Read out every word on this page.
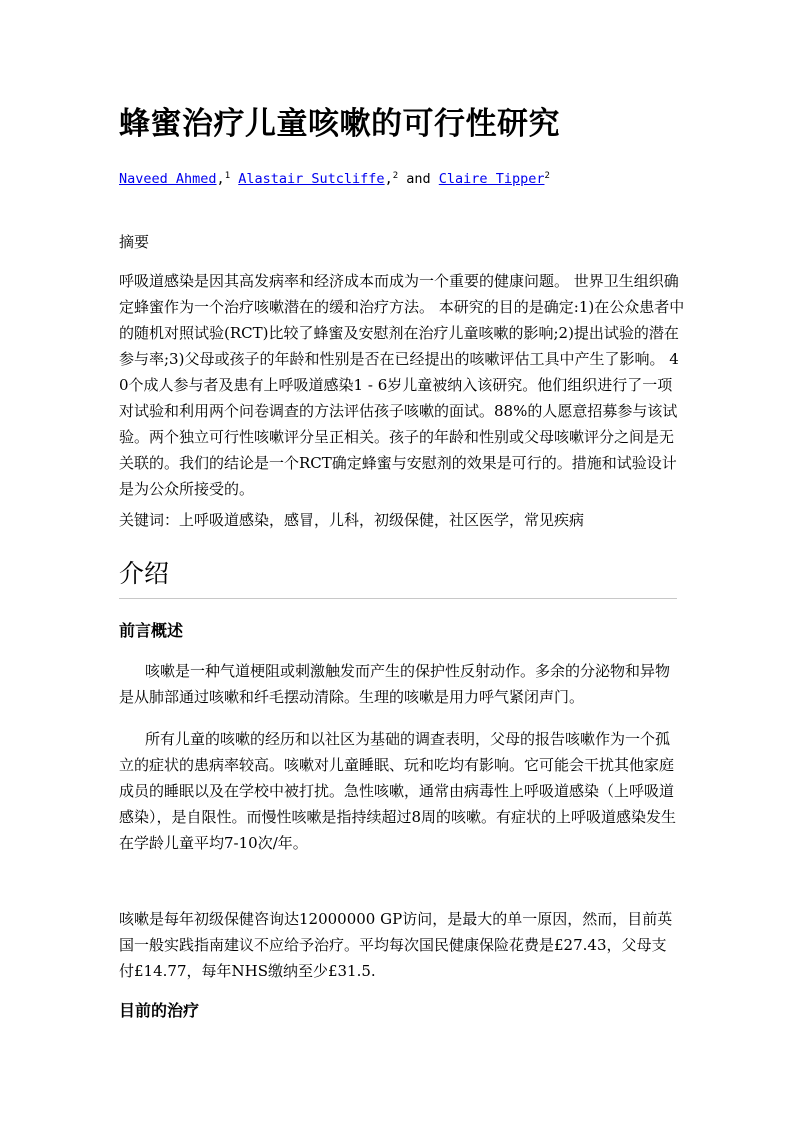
蜂蜜治疗儿童咳嗽的可行性研究
Naveed Ahmed,$^1$ Alastair Sutcliffe,$^2$ and Claire Tipper$^2$
摘要

呼吸道感染是因其高发病率和经济成本而成为一个重要的健康问题。 世界卫生组织确定蜂蜜作为一个治疗咳嗽潜在的缓和治疗方法。 本研究的目的是确定:1)在公众患者中的随机对照试验(RCT)比较了蜂蜜及安慰剂在治疗儿童咳嗽的影响;2)提出试验的潜在参与率;3)父母或孩子的年龄和性别是否在已经提出的咳嗽评估工具中产生了影响。 40个成人参与者及患有上呼吸道感染1 - 6岁儿童被纳入该研究。他们组织进行了一项对试验和利用两个问卷调查的方法评估孩子咳嗽的面试。88%的人愿意招募参与该试验。两个独立可行性咳嗽评分呈正相关。孩子的年龄和性别或父母咳嗽评分之间是无关联的。我们的结论是一个RCT确定蜂蜜与安慰剂的效果是可行的。措施和试验设计是为公众所接受的。

关键词：上呼吸道感染，感冒，儿科，初级保健，社区医学，常见疾病

介绍
前言概述

咳嗽是一种气道梗阻或刺激触发而产生的保护性反射动作。多余的分泌物和异物是从肺部通过咳嗽和纤毛摆动清除。生理的咳嗽是用力呼气紧闭声门。

所有儿童的咳嗽的经历和以社区为基础的调查表明，父母的报告咳嗽作为一个孤立的症状的患病率较高。咳嗽对儿童睡眠、玩和吃均有影响。它可能会干扰其他家庭成员的睡眠以及在学校中被打扰。急性咳嗽，通常由病毒性上呼吸道感染（上呼吸道感染），是自限性。而慢性咳嗽是指持续超过8周的咳嗽。有症状的上呼吸道感染发生在学龄儿童平均7-10次/年。

咳嗽是每年初级保健咨询达12000000 GP访问，是最大的单一原因，然而，目前英国一般实践指南建议不应给予治疗。平均每次国民健康保险花费是£27.43，父母支付£14.77，每年NHS缴纳至少£31.5.

目前的治疗
